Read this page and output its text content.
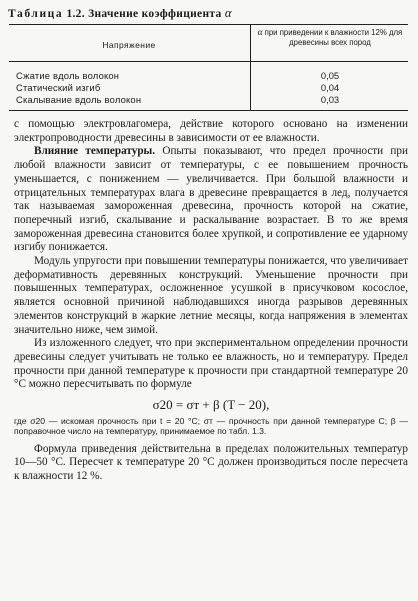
Таблица 1.2. Значение коэффициента α
Напряжение
α при приведении к влажности 12% для древесины всех пород
Сжатие вдоль волокон	0,05
Статический изгиб	0,04
Скалывание вдоль волокон	0,03

с помощью электровлагомера, действие которого основано на изменении электропроводности древесины в зависимости от ее влажности.

Влияние температуры. Опыты показывают, что предел прочности при любой влажности зависит от температуры, с ее повышением прочность уменьшается, с понижением — увеличивается. При большой влажности и отрицательных температурах влага в древесине превращается в лед, получается так называемая замороженная древесина, прочность которой на сжатие, поперечный изгиб, скалывание и раскалывание возрастает. В то же время замороженная древесина становится более хрупкой, и сопротивление ее ударному изгибу понижается.

Модуль упругости при повышении температуры понижается, что увеличивает деформативность деревянных конструкций. Уменьшение прочности при повышенных температурах, осложненное усушкой в присучковом косослое, является основной причиной наблюдавшихся иногда разрывов деревянных элементов конструкций в жаркие летние месяцы, когда напряжения в элементах значительно ниже, чем зимой.

Из изложенного следует, что при экспериментальном определении прочности древесины следует учитывать не только ее влажность, но и температуру. Предел прочности при данной температуре к прочности при стандартной температуре 20 °С можно пересчитывать по формуле

σ20 = σт + β (T − 20),
где σ20 — искомая прочность при t = 20 °С; σт — прочность при данной температуре С; β — поправочное число на температуру, принимаемое по табл. 1.3.

Формула приведения действительна в пределах положительных температур 10—50 °С. Пересчет к температуре 20 °С должен производиться после пересчета к влажности 12 %.
